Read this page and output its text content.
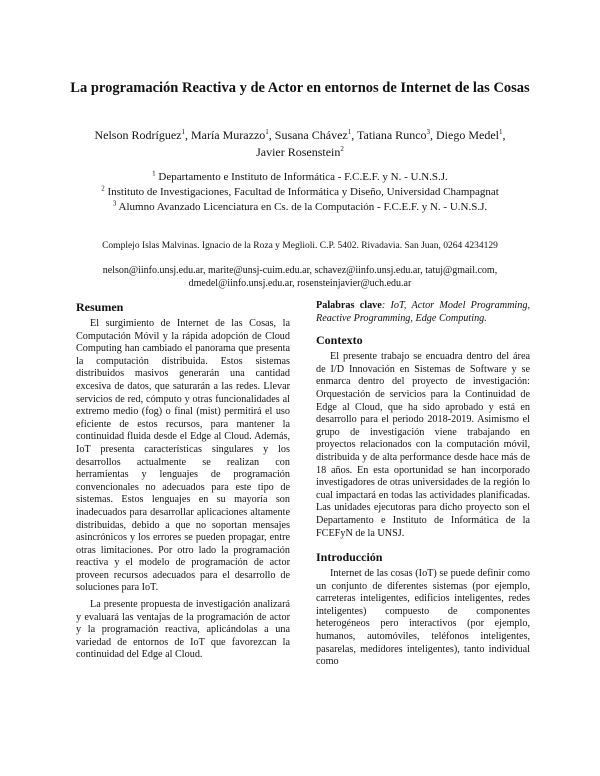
La programación Reactiva y de Actor en entornos de Internet de las Cosas
Nelson Rodríguez$^1$, María Murazzo$^1$, Susana Chávez$^1$, Tatiana Runco$^3$, Diego Medel$^1$, Javier Rosenstein$^2$
$^1$ Departamento e Instituto de Informática - F.C.E.F. y N. - U.N.S.J.
$^2$ Instituto de Investigaciones, Facultad de Informática y Diseño, Universidad Champagnat
$^3$ Alumno Avanzado Licenciatura en Cs. de la Computación - F.C.E.F. y N. - U.N.S.J.
Complejo Islas Malvinas. Ignacio de la Roza y Meglioli. C.P. 5402. Rivadavia. San Juan, 0264 4234129
nelson@iinfo.unsj.edu.ar, marite@unsj-cuim.edu.ar, schavez@iinfo.unsj.edu.ar, tatuj@gmail.com, dmedel@iinfo.unsj.edu.ar, rosensteinjavier@uch.edu.ar
Resumen

El surgimiento de Internet de las Cosas, la Computación Móvil y la rápida adopción de Cloud Computing han cambiado el panorama que presenta la computación distribuida. Estos sistemas distribuidos masivos generarán una cantidad excesiva de datos, que saturarán a las redes. Llevar servicios de red, cómputo y otras funcionalidades al extremo medio (fog) o final (mist) permitirá el uso eficiente de estos recursos, para mantener la continuidad fluida desde el Edge al Cloud. Además, IoT presenta características singulares y los desarrollos actualmente se realizan con herramientas y lenguajes de programación convencionales no adecuados para este tipo de sistemas. Estos lenguajes en su mayoría son inadecuados para desarrollar aplicaciones altamente distribuidas, debido a que no soportan mensajes asincrónicos y los errores se pueden propagar, entre otras limitaciones. Por otro lado la programación reactiva y el modelo de programación de actor proveen recursos adecuados para el desarrollo de soluciones para IoT.

La presente propuesta de investigación analizará y evaluará las ventajas de la programación de actor y la programación reactiva, aplicándolas a una variedad de entornos de IoT que favorezcan la continuidad del Edge al Cloud.

Palabras clave: IoT, Actor Model Programming, Reactive Programming, Edge Computing.
Contexto

El presente trabajo se encuadra dentro del área de I/D Innovación en Sistemas de Software y se enmarca dentro del proyecto de investigación: Orquestación de servicios para la Continuidad de Edge al Cloud, que ha sido aprobado y está en desarrollo para el periodo 2018-2019. Asimismo el grupo de investigación viene trabajando en proyectos relacionados con la computación móvil, distribuida y de alta performance desde hace más de 18 años. En esta oportunidad se han incorporado investigadores de otras universidades de la región lo cual impactará en todas las actividades planificadas. Las unidades ejecutoras para dicho proyecto son el Departamento e Instituto de Informática de la FCEFyN de la UNSJ.

Introducción

Internet de las cosas (IoT) se puede definir como un conjunto de diferentes sistemas (por ejemplo, carreteras inteligentes, edificios inteligentes, redes inteligentes) compuesto de componentes heterogéneos pero interactivos (por ejemplo, humanos, automóviles, teléfonos inteligentes, pasarelas, medidores inteligentes), tanto individual como
